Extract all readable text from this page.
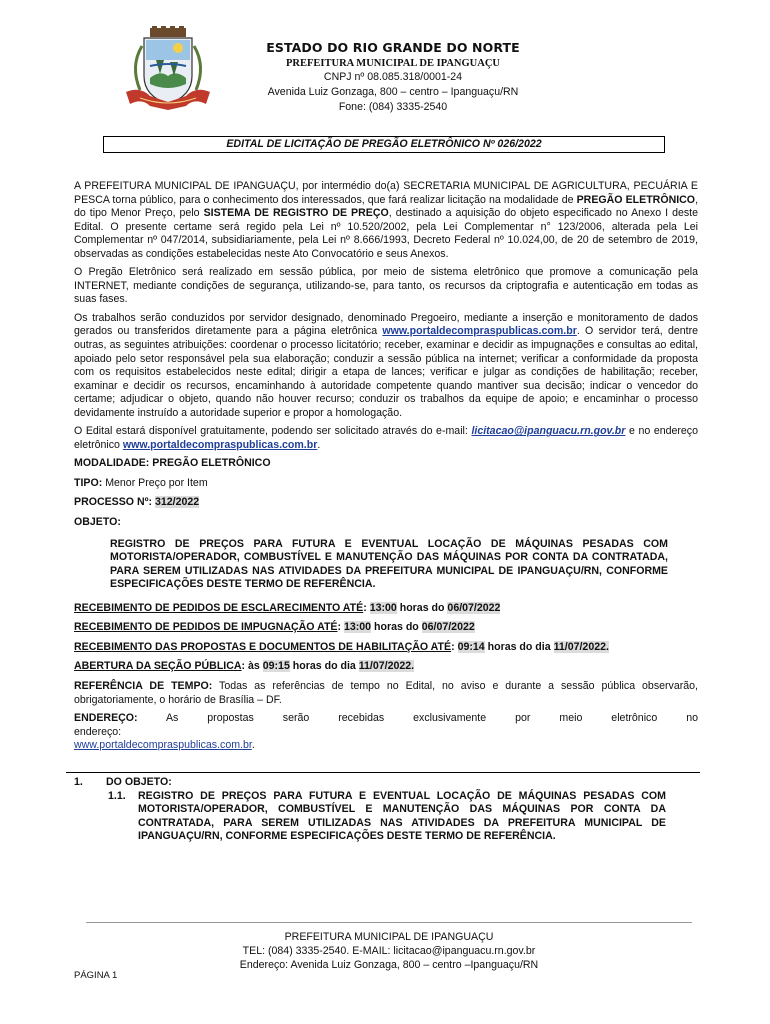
ESTADO DO RIO GRANDE DO NORTE
PREFEITURA MUNICIPAL DE IPANGUAÇU
CNPJ nº 08.085.318/0001-24
Avenida Luiz Gonzaga, 800 – centro – Ipanguaçu/RN
Fone: (084) 3335-2540
EDITAL DE LICITAÇÃO DE PREGÃO ELETRÔNICO Nº 026/2022

A PREFEITURA MUNICIPAL DE IPANGUAÇU, por intermédio do(a) SECRETARIA MUNICIPAL DE AGRICULTURA, PECUÁRIA E PESCA torna público, para o conhecimento dos interessados, que fará realizar licitação na modalidade de PREGÃO ELETRÔNICO, do tipo Menor Preço, pelo SISTEMA DE REGISTRO DE PREÇO, destinado a aquisição do objeto especificado no Anexo I deste Edital. O presente certame será regido pela Lei nº 10.520/2002, pela Lei Complementar n° 123/2006, alterada pela Lei Complementar nº 047/2014, subsidiariamente, pela Lei nº 8.666/1993, Decreto Federal nº 10.024,00, de 20 de setembro de 2019, observadas as condições estabelecidas neste Ato Convocatório e seus Anexos.

O Pregão Eletrônico será realizado em sessão pública, por meio de sistema eletrônico que promove a comunicação pela INTERNET, mediante condições de segurança, utilizando-se, para tanto, os recursos da criptografia e autenticação em todas as suas fases.

Os trabalhos serão conduzidos por servidor designado, denominado Pregoeiro, mediante a inserção e monitoramento de dados gerados ou transferidos diretamente para a página eletrônica www.portaldecompraspublicas.com.br. O servidor terá, dentre outras, as seguintes atribuições: coordenar o processo licitatório; receber, examinar e decidir as impugnações e consultas ao edital, apoiado pelo setor responsável pela sua elaboração; conduzir a sessão pública na internet; verificar a conformidade da proposta com os requisitos estabelecidos neste edital; dirigir a etapa de lances; verificar e julgar as condições de habilitação; receber, examinar e decidir os recursos, encaminhando à autoridade competente quando mantiver sua decisão; indicar o vencedor do certame; adjudicar o objeto, quando não houver recurso; conduzir os trabalhos da equipe de apoio; e encaminhar o processo devidamente instruído a autoridade superior e propor a homologação.

O Edital estará disponível gratuitamente, podendo ser solicitado através do e-mail: licitacao@ipanguacu.rn.gov.br e no endereço eletrônico www.portaldecompraspublicas.com.br.

MODALIDADE: PREGÃO ELETRÔNICO
TIPO: Menor Preço por Item
PROCESSO Nº: 312/2022
OBJETO:
REGISTRO DE PREÇOS PARA FUTURA E EVENTUAL LOCAÇÃO DE MÁQUINAS PESADAS COM MOTORISTA/OPERADOR, COMBUSTÍVEL E MANUTENÇÃO DAS MÁQUINAS POR CONTA DA CONTRATADA, PARA SEREM UTILIZADAS NAS ATIVIDADES DA PREFEITURA MUNICIPAL DE IPANGUAÇU/RN, CONFORME ESPECIFICAÇÕES DESTE TERMO DE REFERÊNCIA.
RECEBIMENTO DE PEDIDOS DE ESCLARECIMENTO ATÉ: 13:00 horas do 06/07/2022
RECEBIMENTO DE PEDIDOS DE IMPUGNAÇÃO ATÉ: 13:00 horas do 06/07/2022
RECEBIMENTO DAS PROPOSTAS E DOCUMENTOS DE HABILITAÇÃO ATÉ: 09:14 horas do dia 11/07/2022.
ABERTURA DA SEÇÃO PÚBLICA: às 09:15 horas do dia 11/07/2022.

REFERÊNCIA DE TEMPO: Todas as referências de tempo no Edital, no aviso e durante a sessão pública observarão, obrigatoriamente, o horário de Brasília – DF.

ENDEREÇO: As propostas serão recebidas exclusivamente por meio eletrônico no endereço:
www.portaldecompraspublicas.com.br.

1.	DO OBJETO:
1.1.	REGISTRO DE PREÇOS PARA FUTURA E EVENTUAL LOCAÇÃO DE MÁQUINAS PESADAS COM MOTORISTA/OPERADOR, COMBUSTÍVEL E MANUTENÇÃO DAS MÁQUINAS POR CONTA DA CONTRATADA, PARA SEREM UTILIZADAS NAS ATIVIDADES DA PREFEITURA MUNICIPAL DE IPANGUAÇU/RN, CONFORME ESPECIFICAÇÕES DESTE TERMO DE REFERÊNCIA.
PREFEITURA MUNICIPAL DE IPANGUAÇU
TEL: (084) 3335-2540. E-MAIL: licitacao@ipanguacu.rn.gov.br
Endereço: Avenida Luiz Gonzaga, 800 – centro –Ipanguaçu/RN
PÁGINA 1
